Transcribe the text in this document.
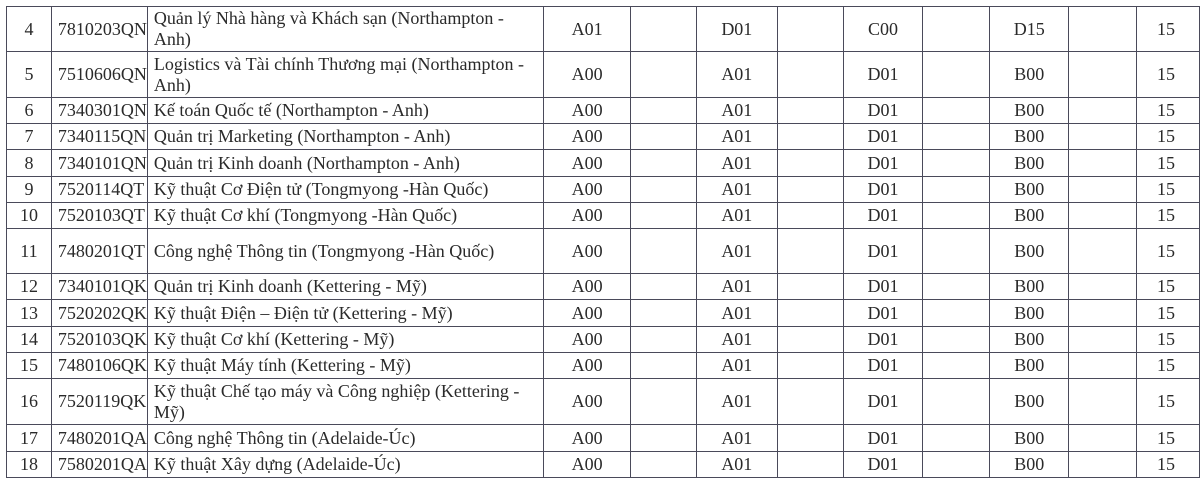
4	7810203QN	Quản lý Nhà hàng và Khách sạn (Northampton - Anh)	A01		D01		C00		D15		15
5	7510606QN	Logistics và Tài chính Thương mại (Northampton - Anh)	A00		A01		D01		B00		15
6	7340301QN	Kế toán Quốc tế (Northampton - Anh)	A00		A01		D01		B00		15
7	7340115QN	Quản trị Marketing (Northampton - Anh)	A00		A01		D01		B00		15
8	7340101QN	Quản trị Kinh doanh (Northampton - Anh)	A00		A01		D01		B00		15
9	7520114QT	Kỹ thuật Cơ Điện tử (Tongmyong -Hàn Quốc)	A00		A01		D01		B00		15
10	7520103QT	Kỹ thuật Cơ khí (Tongmyong -Hàn Quốc)	A00		A01		D01		B00		15
11	7480201QT	Công nghệ Thông tin (Tongmyong -Hàn Quốc)	A00		A01		D01		B00		15
12	7340101QK	Quản trị Kinh doanh (Kettering - Mỹ)	A00		A01		D01		B00		15
13	7520202QK	Kỹ thuật Điện – Điện tử (Kettering - Mỹ)	A00		A01		D01		B00		15
14	7520103QK	Kỹ thuật Cơ khí (Kettering - Mỹ)	A00		A01		D01		B00		15
15	7480106QK	Kỹ thuật Máy tính (Kettering - Mỹ)	A00		A01		D01		B00		15
16	7520119QK	Kỹ thuật Chế tạo máy và Công nghiệp (Kettering - Mỹ)	A00		A01		D01		B00		15
17	7480201QA	Công nghệ Thông tin (Adelaide-Úc)	A00		A01		D01		B00		15
18	7580201QA	Kỹ thuật Xây dựng (Adelaide-Úc)	A00		A01		D01		B00		15
